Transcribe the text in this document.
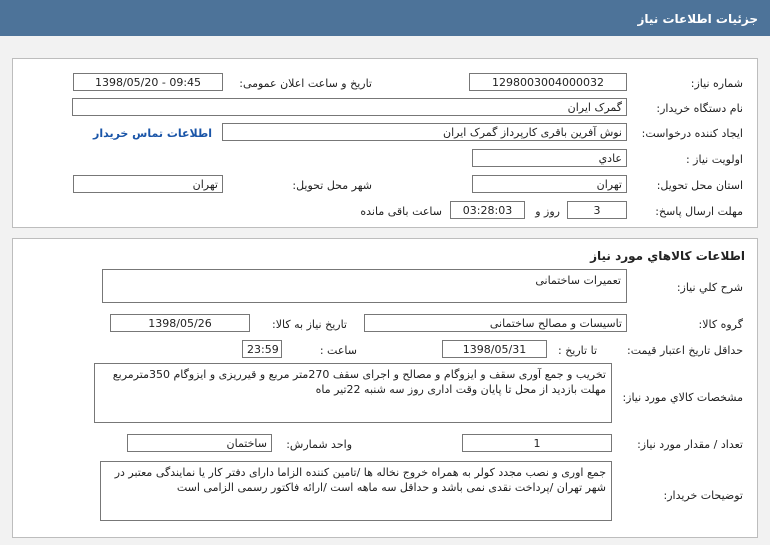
جزئیات اطلاعات نیاز
شماره نیاز:
1298003004000032
تاریخ و ساعت اعلان عمومی:
1398/05/20 - 09:45
نام دستگاه خریدار:
گمرک ایران
ایجاد کننده درخواست:
نوش آفرین باقری کارپرداز گمرک ایران
اطلاعات تماس خریدار
اولویت نیاز :
عادي
استان محل تحویل:
تهران
شهر محل تحویل:
تهران
مهلت ارسال پاسخ:
3
روز و
03:28:03
ساعت باقی مانده
اطلاعات کالاهاي مورد نياز
شرح کلي نياز:
تعمیرات ساختمانی
گروه کالا:
تاسیسات و مصالح ساختمانی
تاریخ نیاز به کالا:
1398/05/26
حداقل تاریخ اعتبار قیمت:
تا تاریخ :
1398/05/31
ساعت :
23:59
مشخصات کالاي مورد نياز:
تخریب و جمع آوری سقف و ایزوگام و مصالح و اجرای سقف 270متر مربع و قیرریزی و ایزوگام 350مترمربع مهلت بازدید از محل تا پایان وقت اداری روز سه شنبه 22تیر ماه
تعداد / مقدار مورد نیاز:
1
واحد شمارش:
ساختمان
توضیحات خریدار:
جمع اوری و نصب مجدد کولر به همراه خروج نخاله ها /تامین کننده الزاما دارای دفتر کار یا نمایندگی معتبر در شهر تهران /پرداخت نقدی نمی باشد و حداقل سه ماهه است /ارائه فاکتور رسمی الزامی است
